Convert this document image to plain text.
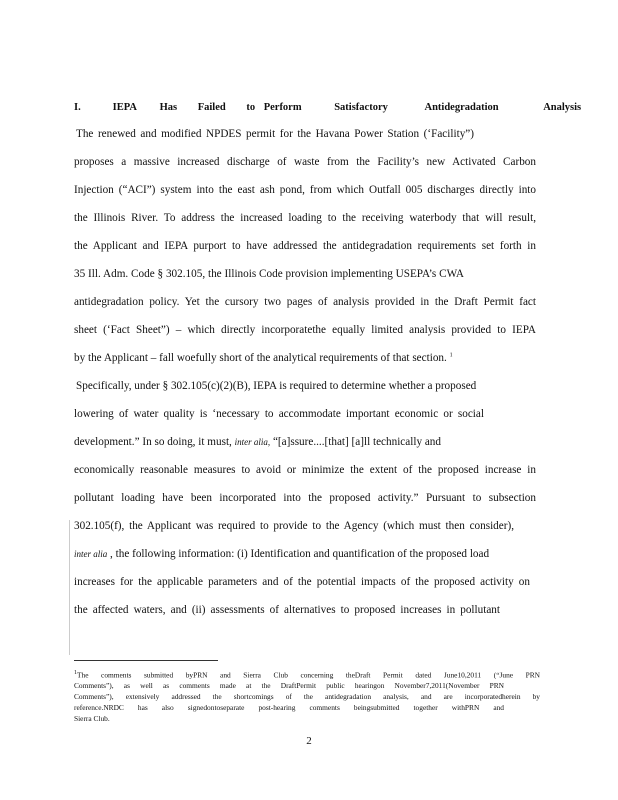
I.	IEPA Has Failed to Perform	Satisfactory	Antidegradation	Analysis
The renewed and modified NPDES permit for the Havana Power Station (‘Facility”)
proposes a massive increased discharge of waste from the Facility’s new Activated Carbon
Injection (“ACI”) system into the east ash pond, from which Outfall 005 discharges directly into
the Illinois River. To address the increased loading to the receiving waterbody that will result,
the Applicant and IEPA purport to have addressed the antidegradation requirements set forth in
35 Ill. Adm. Code § 302.105, the Illinois Code provision implementing USEPA’s CWA
antidegradation policy. Yet the cursory two pages of analysis provided in the Draft Permit fact
sheet (‘Fact Sheet”) – which directly incorporatethe equally limited analysis provided to IEPA
by the Applicant – fall woefully short of the analytical requirements of that section. $^1$
Specifically, under § 302.105(c)(2)(B), IEPA is required to determine whether a proposed
lowering of water quality is ‘necessary to accommodate important economic or social
development.” In so doing, it must, inter alia, “[a]ssure....[that] [a]ll technically and
economically reasonable measures to avoid or minimize the extent of the proposed increase in
pollutant loading have been incorporated into the proposed activity.” Pursuant to subsection
302.105(f), the Applicant was required to provide to the Agency (which must then consider),
inter alia , the following information: (i) Identification and quantification of the proposed load
increases for the applicable parameters and of the potential impacts of the proposed activity on
the affected waters, and (ii) assessments of alternatives to proposed increases in pollutant
$^1$The comments submitted byPRN and Sierra Club concerning theDraft Permit dated June10,2011 (“June PRN
Comments”), as well as comments made at the DraftPermit public hearingon November7,2011(November PRN
Comments”), extensively addressed the shortcomings of the antidegradation analysis, and are incorporatedherein by
reference.NRDC has also signedontoseparate post-hearing comments beingsubmitted together withPRN and
Sierra Club.
2
